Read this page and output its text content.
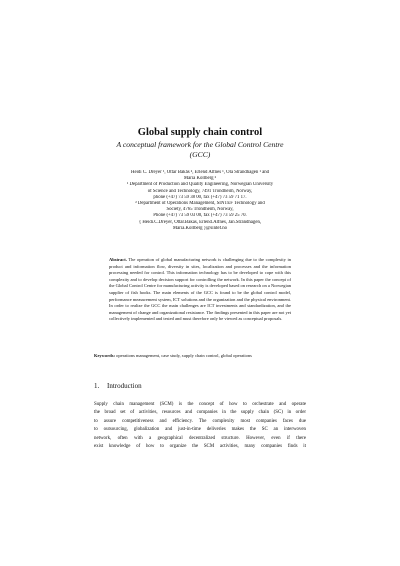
Global supply chain control
A conceptual framework for the Global Control Centre
(GCC)
Heidi C. Dreyer ¹, Ottar Bakås ², Erlend Alfnes ¹, Ola Strandhagen ¹ and
Maria Kollberg ²
¹ Department of Production and Quality Engineering, Norwegian University
of Science and Technology, 7491 Trondheim, Norway,
phone (+47) 73 59 38 00, fax (+47) 73 59 71 17.
² Department of Operations Management, SINTEF Technology and
Society, 4765 Trondheim, Norway,
Phone (+47) 73 59 03 00, fax (+47) 73 59 25 70.
{ Heidi.C.Dreyer, Ottar.Bakas, Erlend.Alfnes, Jan.Strandhagen,
Maria.Kollberg }@sintef.no

Abstract. The operation of global manufacturing network is challenging due to the complexity in product and information flow, diversity in sites, localization and processes and the information processing needed for control. This information technology has to be developed to cope with this complexity and to develop decision support for controlling the network. In this paper the concept of the Global Control Centre for manufacturing activity is developed based on research on a Norwegian supplier of fish hooks. The main elements of the GCC is found to be the global control model, performance measurement system, ICT solutions and the organization and the physical environment. In order to realize the GCC the main challenges are ICT investments and standardization, and the management of change and organizational resistance. The findings presented in this paper are not yet collectively implemented and tested and must therefore only be viewed as conceptual proposals.

Keywords: operations management, case study, supply chain control, global operations
1. Introduction
Supply chain management (SCM) is the concept of how to orchestrate and operate
the broad set of activities, resources and companies in the supply chain (SC) in order
to assure competitiveness and efficiency. The complexity most companies faces due
to outsourcing, globalization and just-in-time deliveries makes the SC an interwoven
network, often with a geographical decentralized structure. However, even if there
exist knowledge of how to organize the SCM activities, many companies finds it
